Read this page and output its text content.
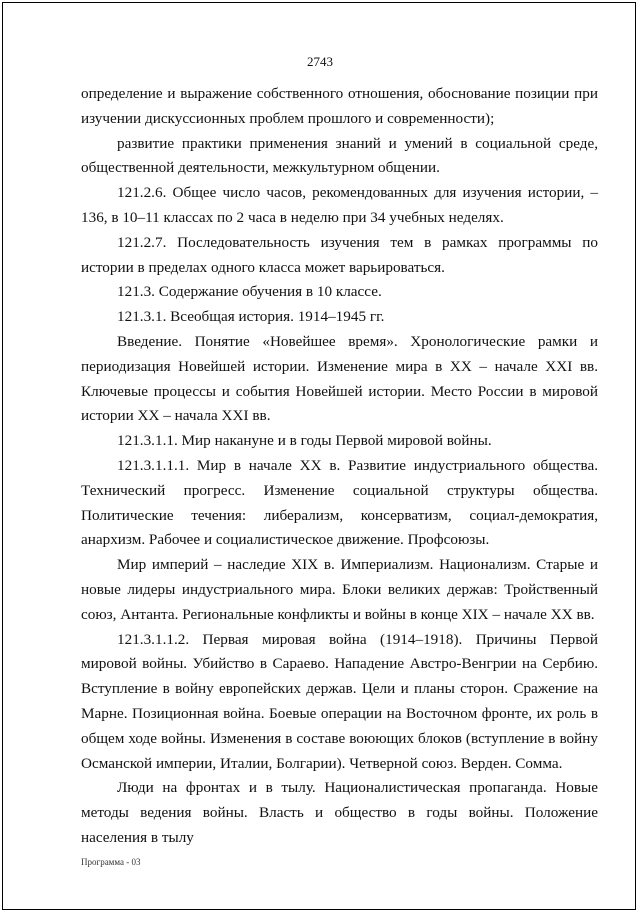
2743

определение и выражение собственного отношения, обоснование позиции при изучении дискуссионных проблем прошлого и современности);

развитие практики применения знаний и умений в социальной среде, общественной деятельности, межкультурном общении.

121.2.6. Общее число часов, рекомендованных для изучения истории, – 136, в 10–11 классах по 2 часа в неделю при 34 учебных неделях.

121.2.7. Последовательность изучения тем в рамках программы по истории в пределах одного класса может варьироваться.

121.3. Содержание обучения в 10 классе.

121.3.1. Всеобщая история. 1914–1945 гг.

Введение. Понятие «Новейшее время». Хронологические рамки и периодизация Новейшей истории. Изменение мира в XX – начале XXI вв. Ключевые процессы и события Новейшей истории. Место России в мировой истории XX – начала XXI вв.

121.3.1.1. Мир накануне и в годы Первой мировой войны.

121.3.1.1.1. Мир в начале XX в. Развитие индустриального общества. Технический прогресс. Изменение социальной структуры общества. Политические течения: либерализм, консерватизм, социал-демократия, анархизм. Рабочее и социалистическое движение. Профсоюзы.

Мир империй – наследие XIX в. Империализм. Национализм. Старые и новые лидеры индустриального мира. Блоки великих держав: Тройственный союз, Антанта. Региональные конфликты и войны в конце XIX – начале XX вв.

121.3.1.1.2. Первая мировая война (1914–1918). Причины Первой мировой войны. Убийство в Сараево. Нападение Австро-Венгрии на Сербию. Вступление в войну европейских держав. Цели и планы сторон. Сражение на Марне. Позиционная война. Боевые операции на Восточном фронте, их роль в общем ходе войны. Изменения в составе воюющих блоков (вступление в войну Османской империи, Италии, Болгарии). Четверной союз. Верден. Сомма.

Люди на фронтах и в тылу. Националистическая пропаганда. Новые методы ведения войны. Власть и общество в годы войны. Положение населения в тылу

Программа - 03
